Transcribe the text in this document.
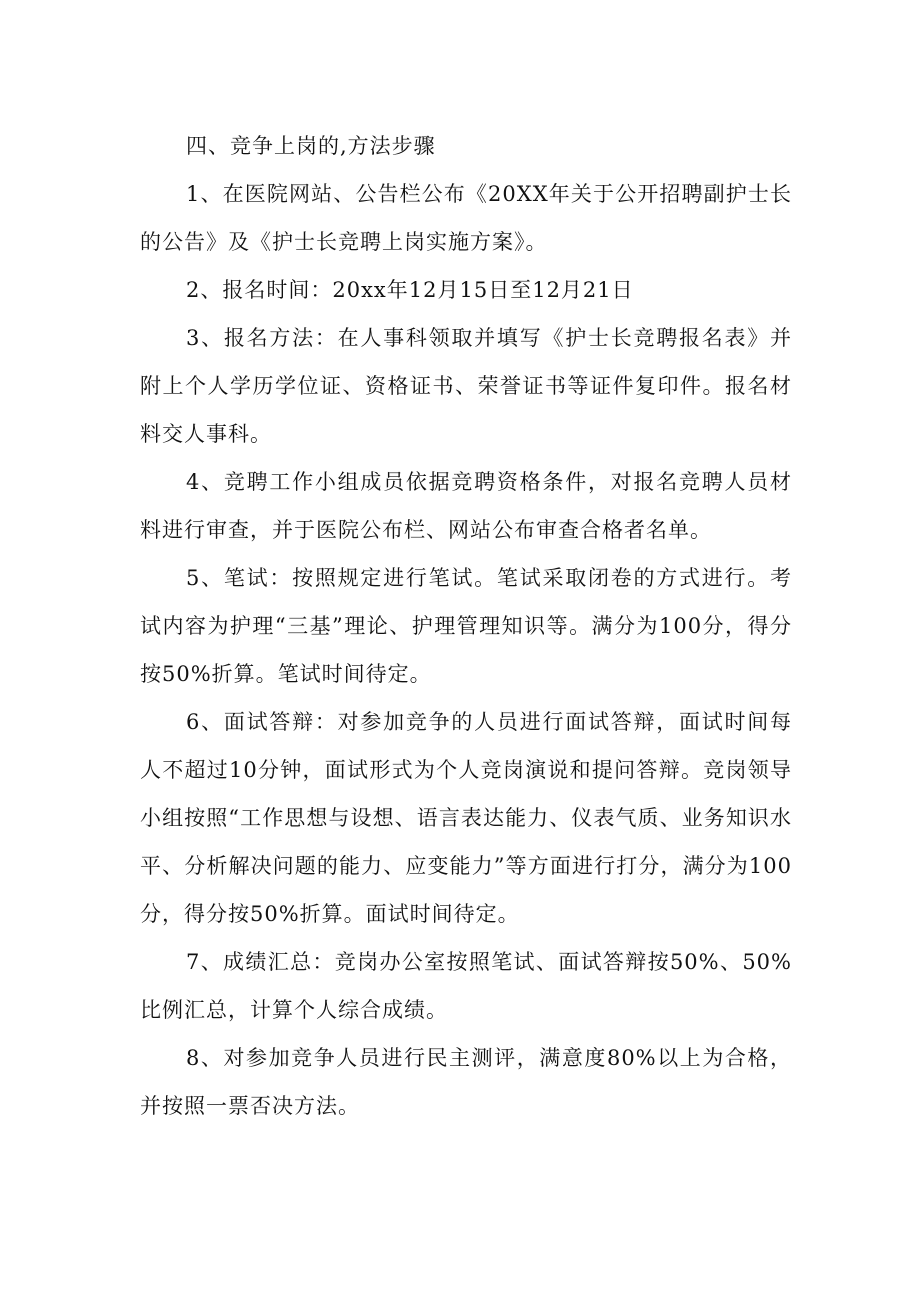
四、竞争上岗的,方法步骤

1、在医院网站、公告栏公布《20XX年关于公开招聘副护士长的公告》及《护士长竞聘上岗实施方案》。

2、报名时间：20xx年12月15日至12月21日

3、报名方法：在人事科领取并填写《护士长竞聘报名表》并附上个人学历学位证、资格证书、荣誉证书等证件复印件。报名材料交人事科。

4、竞聘工作小组成员依据竞聘资格条件，对报名竞聘人员材料进行审查，并于医院公布栏、网站公布审查合格者名单。

5、笔试：按照规定进行笔试。笔试采取闭卷的方式进行。考试内容为护理“三基”理论、护理管理知识等。满分为100分，得分按50%折算。笔试时间待定。

6、面试答辩：对参加竞争的人员进行面试答辩，面试时间每人不超过10分钟，面试形式为个人竞岗演说和提问答辩。竞岗领导小组按照“工作思想与设想、语言表达能力、仪表气质、业务知识水平、分析解决问题的能力、应变能力”等方面进行打分，满分为100分，得分按50%折算。面试时间待定。

7、成绩汇总：竞岗办公室按照笔试、面试答辩按50%、50%比例汇总，计算个人综合成绩。

8、对参加竞争人员进行民主测评，满意度80%以上为合格，并按照一票否决方法。
